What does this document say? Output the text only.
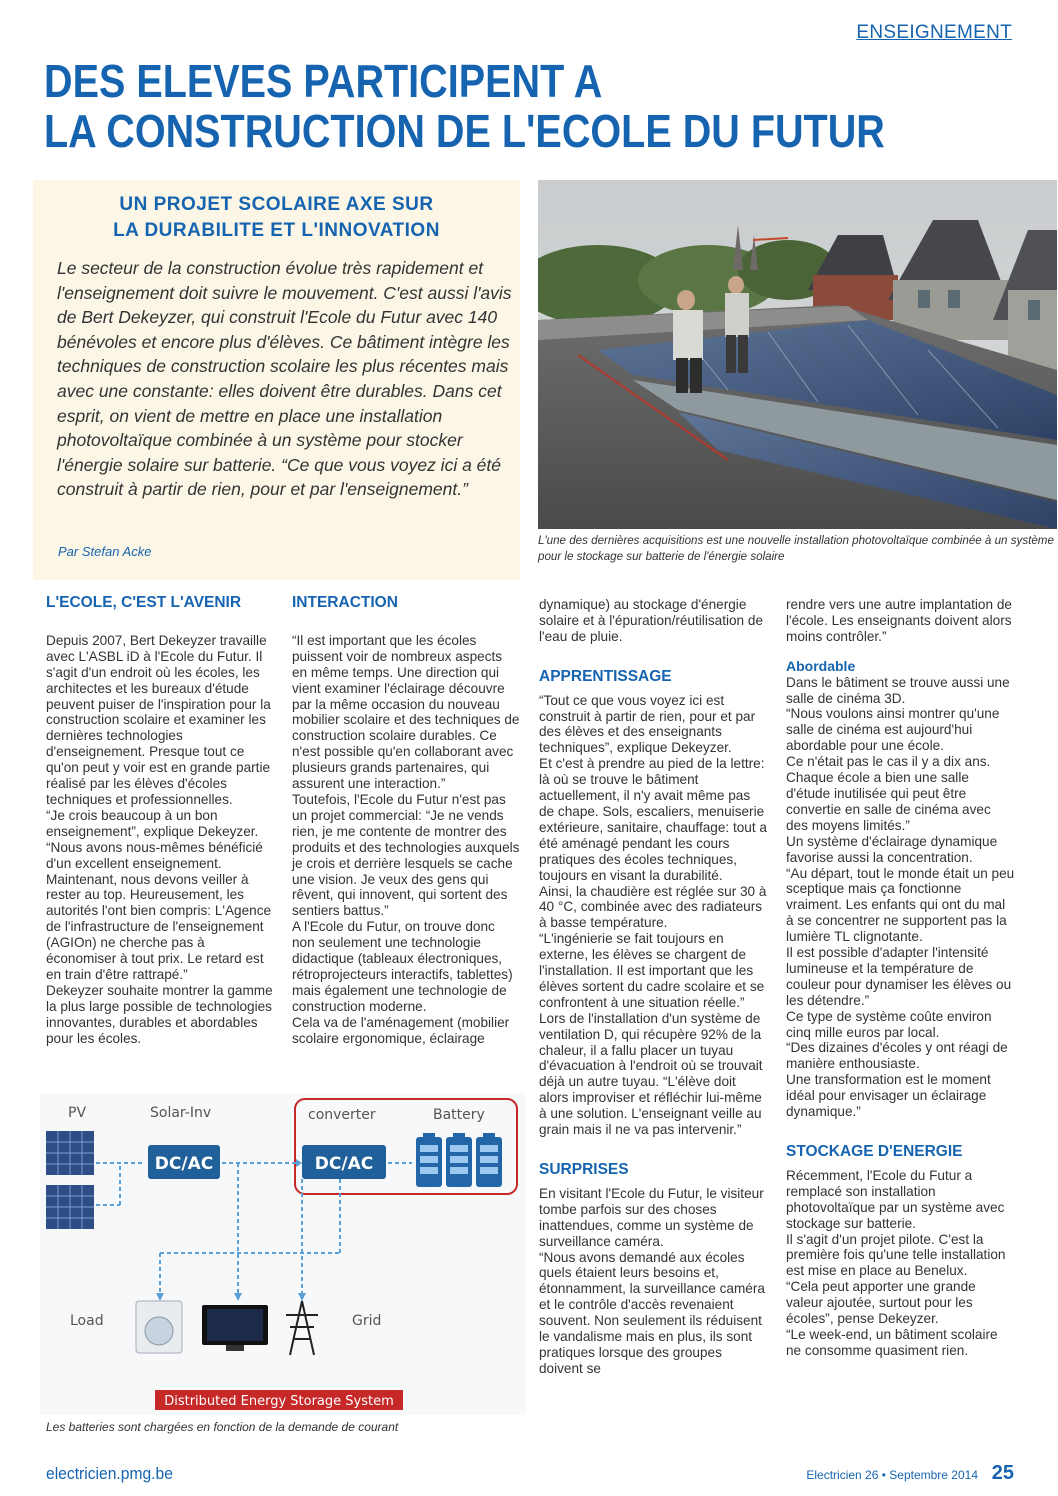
ENSEIGNEMENT
DES ELEVES PARTICIPENT A
LA CONSTRUCTION DE L'ECOLE DU FUTUR
UN PROJET SCOLAIRE AXE SUR
LA DURABILITE ET L'INNOVATION

Le secteur de la construction évolue très rapidement et l'enseignement doit suivre le mouvement. C'est aussi l'avis de Bert Dekeyzer, qui construit l'Ecole du Futur avec 140 bénévoles et encore plus d'élèves. Ce bâtiment intègre les techniques de construction scolaire les plus récentes mais avec une constante: elles doivent être durables. Dans cet esprit, on vient de mettre en place une installation photovoltaïque combinée à un système pour stocker l'énergie solaire sur batterie. “Ce que vous voyez ici a été construit à partir de rien, pour et par l'enseignement.”

Par Stefan Acke
L'une des dernières acquisitions est une nouvelle installation photovoltaïque combinée à un système pour le stockage sur batterie de l'énergie solaire

L'ECOLE, C'EST L'AVENIR

Depuis 2007, Bert Dekeyzer travaille avec L'ASBL iD à l'Ecole du Futur. Il s'agit d'un endroit où les écoles, les architectes et les bureaux d'étude peuvent puiser de l'inspiration pour la construction scolaire et examiner les dernières technologies d'enseignement. Presque tout ce qu'on peut y voir est en grande partie réalisé par les élèves d'écoles techniques et professionnelles.
“Je crois beaucoup à un bon enseignement”, explique Dekeyzer. “Nous avons nous-mêmes bénéficié d'un excellent enseignement. Maintenant, nous devons veiller à rester au top. Heureusement, les autorités l'ont bien compris: L'Agence de l'infrastructure de l'enseignement (AGIOn) ne cherche pas à économiser à tout prix. Le retard est en train d'être rattrapé.”
Dekeyzer souhaite montrer la gamme la plus large possible de technologies innovantes, durables et abordables pour les écoles.

INTERACTION

“Il est important que les écoles puissent voir de nombreux aspects en même temps. Une direction qui vient examiner l'éclairage découvre par la même occasion du nouveau mobilier scolaire et des techniques de construction scolaire durables. Ce n'est possible qu'en collaborant avec plusieurs grands partenaires, qui assurent une interaction.”
Toutefois, l'Ecole du Futur n'est pas un projet commercial: “Je ne vends rien, je me contente de montrer des produits et des technologies auxquels je crois et derrière lesquels se cache une vision. Je veux des gens qui rêvent, qui innovent, qui sortent des sentiers battus.”
A l'Ecole du Futur, on trouve donc non seulement une technologie didactique (tableaux électroniques, rétroprojecteurs interactifs, tablettes) mais également une technologie de construction moderne.
Cela va de l'aménagement (mobilier scolaire ergonomique, éclairage

dynamique) au stockage d'énergie solaire et à l'épuration/réutilisation de l'eau de pluie.

APPRENTISSAGE

“Tout ce que vous voyez ici est construit à partir de rien, pour et par des élèves et des enseignants techniques”, explique Dekeyzer.
Et c'est à prendre au pied de la lettre: là où se trouve le bâtiment actuellement, il n'y avait même pas de chape. Sols, escaliers, menuiserie extérieure, sanitaire, chauffage: tout a été aménagé pendant les cours pratiques des écoles techniques, toujours en visant la durabilité.
Ainsi, la chaudière est réglée sur 30 à 40 °C, combinée avec des radiateurs à basse température.
“L'ingénierie se fait toujours en externe, les élèves se chargent de l'installation. Il est important que les élèves sortent du cadre scolaire et se confrontent à une situation réelle.”
Lors de l'installation d'un système de ventilation D, qui récupère 92% de la chaleur, il a fallu placer un tuyau d'évacuation à l'endroit où se trouvait déjà un autre tuyau. “L'élève doit alors improviser et réfléchir lui-même à une solution. L'enseignant veille au grain mais il ne va pas intervenir.”

SURPRISES

En visitant l'Ecole du Futur, le visiteur tombe parfois sur des choses inattendues, comme un système de surveillance caméra.
“Nous avons demandé aux écoles quels étaient leurs besoins et, étonnamment, la surveillance caméra et le contrôle d'accès revenaient souvent. Non seulement ils réduisent le vandalisme mais en plus, ils sont pratiques lorsque des groupes doivent se

rendre vers une autre implantation de l'école. Les enseignants doivent alors moins contrôler.”

Abordable

Dans le bâtiment se trouve aussi une salle de cinéma 3D.
“Nous voulons ainsi montrer qu'une salle de cinéma est aujourd'hui abordable pour une école.
Ce n'était pas le cas il y a dix ans. Chaque école a bien une salle d'étude inutilisée qui peut être convertie en salle de cinéma avec des moyens limités.”
Un système d'éclairage dynamique favorise aussi la concentration.
“Au départ, tout le monde était un peu sceptique mais ça fonctionne vraiment. Les enfants qui ont du mal à se concentrer ne supportent pas la lumière TL clignotante.
Il est possible d'adapter l'intensité lumineuse et la température de couleur pour dynamiser les élèves ou les détendre.”
Ce type de système coûte environ cinq mille euros par local.
“Des dizaines d'écoles y ont réagi de manière enthousiaste.
Une transformation est le moment idéal pour envisager un éclairage dynamique.”

STOCKAGE D'ENERGIE

Récemment, l'Ecole du Futur a remplacé son installation photovoltaïque par un système avec stockage sur batterie.
Il s'agit d'un projet pilote. C'est la première fois qu'une telle installation est mise en place au Benelux.
“Cela peut apporter une grande valeur ajoutée, surtout pour les écoles”, pense Dekeyzer.
“Le week-end, un bâtiment scolaire ne consomme quasiment rien.

PV	Solar-Inv	converter	Battery
DC/AC	DC/AC
Load	Grid
Distributed Energy Storage System
Les batteries sont chargées en fonction de la demande de courant
electricien.pmg.be	Electricien 26 • Septembre 2014 25
